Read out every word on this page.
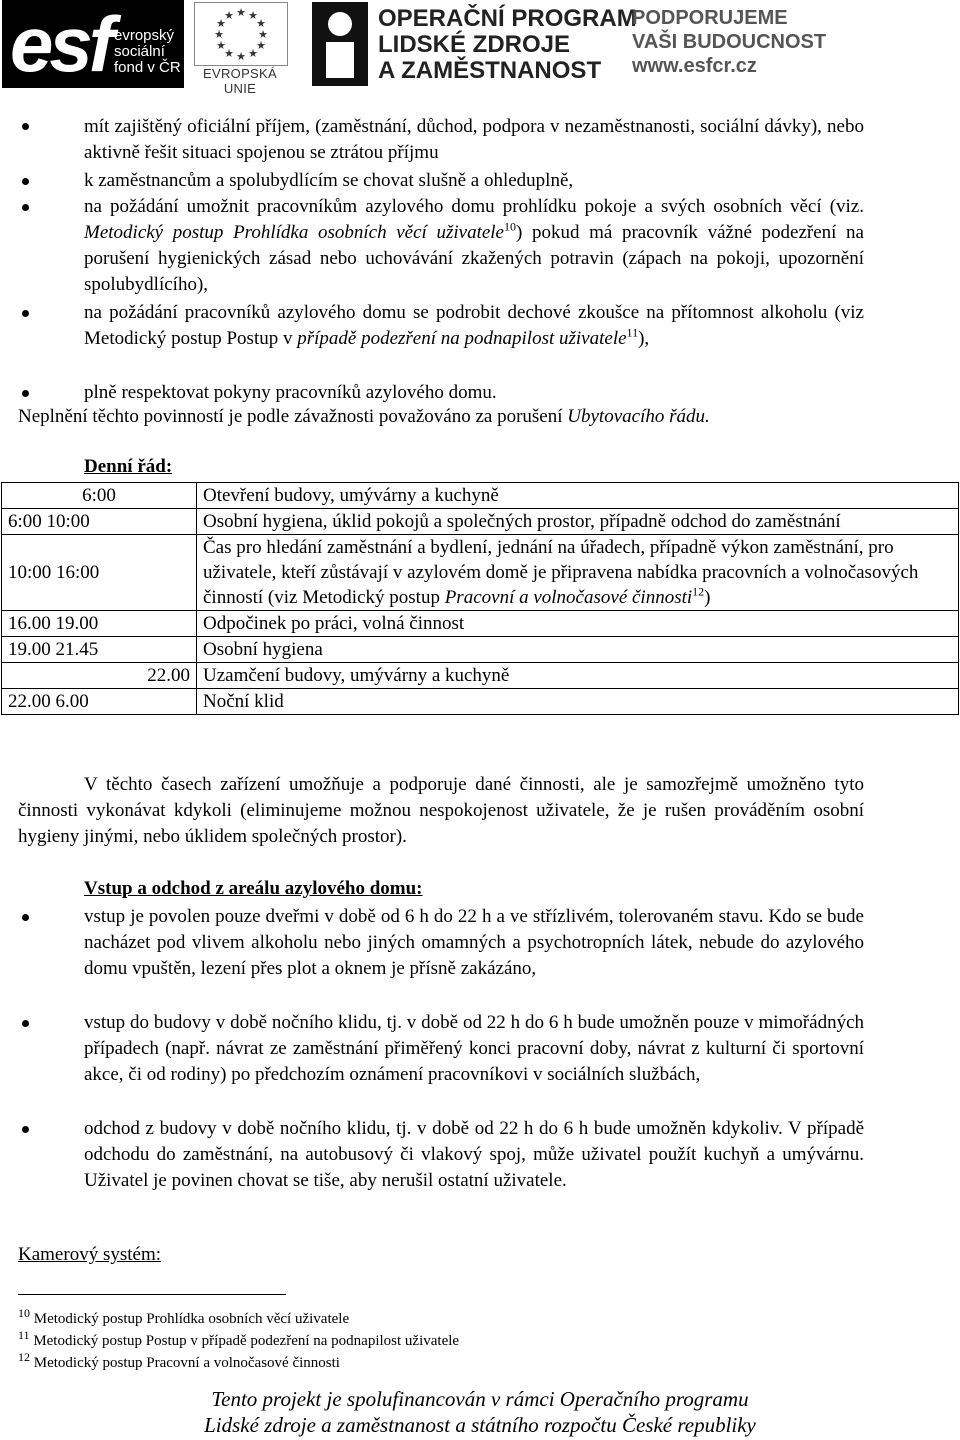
esf evropský
sociální
fond v ČR
★ ★
★
★
★
★
★
★
★
★
★
★
EVROPSKÁ UNIE
OPERAČNÍ PROGRAM
LIDSKÉ ZDROJE
A ZAMĚSTNANOST
PODPORUJEME
VAŠI BUDOUCNOST
www.esfcr.cz
mít zajištěný oficiální příjem, (zaměstnání, důchod, podpora v nezaměstnanosti, sociální dávky), nebo aktivně řešit situaci spojenou se ztrátou příjmu
k zaměstnancům a spolubydlícím se chovat slušně a ohleduplně,
na požádání umožnit pracovníkům azylového domu prohlídku pokoje a svých osobních věcí (viz. Metodický postup Prohlídka osobních věcí uživatele$^{10}$) pokud má pracovník vážné podezření na porušení hygienických zásad nebo uchovávání zkažených potravin (zápach na pokoji, upozornění spolubydlícího),
na požádání pracovníků azylového domu se podrobit dechové zkoušce na přítomnost alkoholu (viz Metodický postup Postup v případě podezření na podnapilost uživatele$^{11}$),
plně respektovat pokyny pracovníků azylového domu.
Neplnění těchto povinností je podle závažnosti považováno za porušení Ubytovacího řádu.
Denní řád:
6:00	Otevření budovy, umývárny a kuchyně
6:00 10:00	Osobní hygiena, úklid pokojů a společných prostor, případně odchod do zaměstnání
10:00 16:00	Čas pro hledání zaměstnání a bydlení, jednání na úřadech, případně výkon zaměstnání, pro uživatele, kteří zůstávají v azylovém domě je připravena nabídka pracovních a volnočasových činností (viz Metodický postup Pracovní a volnočasové činnosti$^{12}$)
16.00 19.00	Odpočinek po práci, volná činnost
19.00 21.45	Osobní hygiena
22.00	Uzamčení budovy, umývárny a kuchyně
22.00 6.00	Noční klid
V těchto časech zařízení umožňuje a podporuje dané činnosti, ale je samozřejmě umožněno tyto činnosti vykonávat kdykoli (eliminujeme možnou nespokojenost uživatele, že je rušen prováděním osobní hygieny jinými, nebo úklidem společných prostor).
Vstup a odchod z areálu azylového domu:
vstup je povolen pouze dveřmi v době od 6 h do 22 h a ve střízlivém, tolerovaném stavu. Kdo se bude nacházet pod vlivem alkoholu nebo jiných omamných a psychotropních látek, nebude do azylového domu vpuštěn, lezení přes plot a oknem je přísně zakázáno,
vstup do budovy v době nočního klidu, tj. v době od 22 h do 6 h bude umožněn pouze v mimořádných případech (např. návrat ze zaměstnání přiměřený konci pracovní doby, návrat z kulturní či sportovní akce, či od rodiny) po předchozím oznámení pracovníkovi v sociálních službách,
odchod z budovy v době nočního klidu, tj. v době od 22 h do 6 h bude umožněn kdykoliv. V případě odchodu do zaměstnání, na autobusový či vlakový spoj, může uživatel použít kuchyň a umývárnu. Uživatel je povinen chovat se tiše, aby nerušil ostatní uživatele.
Kamerový systém:
$^{10}$ Metodický postup Prohlídka osobních věcí uživatele
$^{11}$ Metodický postup Postup v případě podezření na podnapilost uživatele
$^{12}$ Metodický postup Pracovní a volnočasové činnosti
Tento projekt je spolufinancován v rámci Operačního programu
Lidské zdroje a zaměstnanost a státního rozpočtu České republiky
